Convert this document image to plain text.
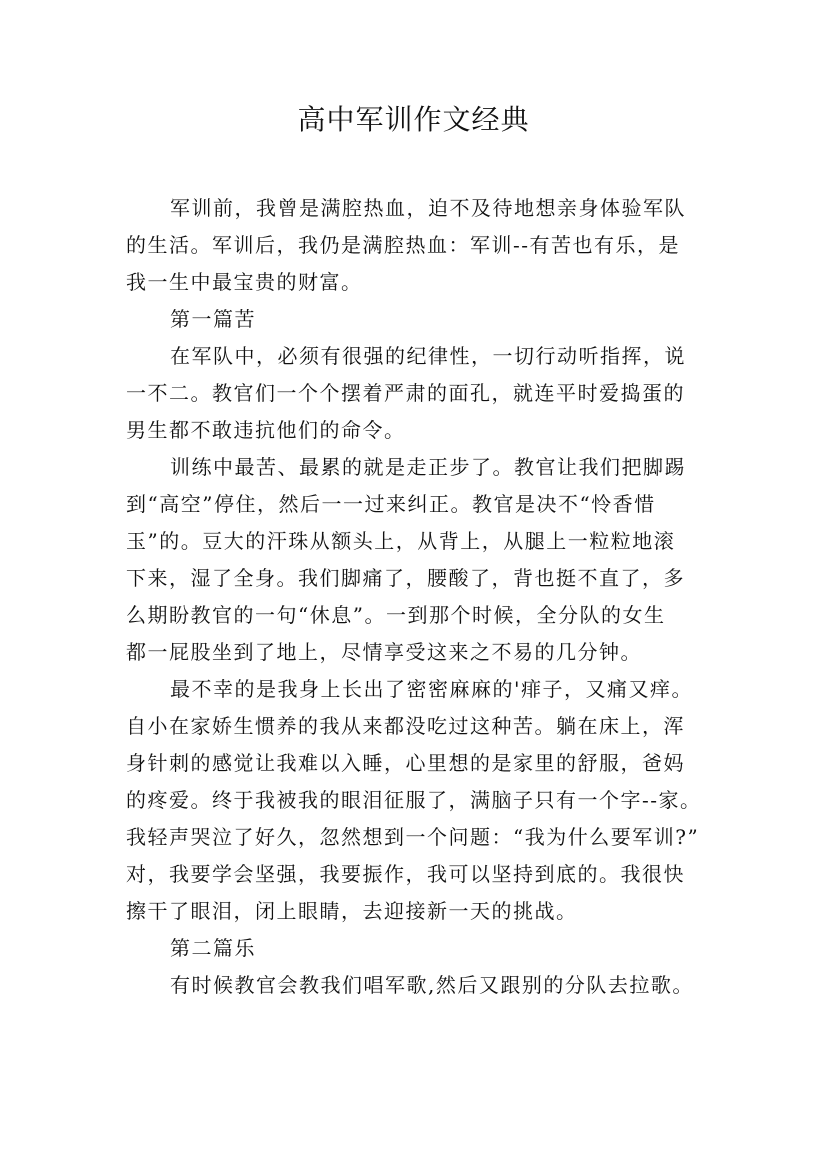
高中军训作文经典
军训前，我曾是满腔热血，迫不及待地想亲身体验军队
的生活。军训后，我仍是满腔热血：军训--有苦也有乐，是
我一生中最宝贵的财富。
第一篇苦
在军队中，必须有很强的纪律性，一切行动听指挥，说
一不二。教官们一个个摆着严肃的面孔，就连平时爱捣蛋的
男生都不敢违抗他们的命令。
训练中最苦、最累的就是走正步了。教官让我们把脚踢
到“高空”停住，然后一一过来纠正。教官是决不“怜香惜
玉”的。豆大的汗珠从额头上，从背上，从腿上一粒粒地滚
下来，湿了全身。我们脚痛了，腰酸了，背也挺不直了，多
么期盼教官的一句“休息”。一到那个时候，全分队的女生
都一屁股坐到了地上，尽情享受这来之不易的几分钟。
最不幸的是我身上长出了密密麻麻的'痱子，又痛又痒。
自小在家娇生惯养的我从来都没吃过这种苦。躺在床上，浑
身针刺的感觉让我难以入睡，心里想的是家里的舒服，爸妈
的疼爱。终于我被我的眼泪征服了，满脑子只有一个字--家。
我轻声哭泣了好久，忽然想到一个问题：“我为什么要军训?”
对，我要学会坚强，我要振作，我可以坚持到底的。我很快
擦干了眼泪，闭上眼睛，去迎接新一天的挑战。
第二篇乐
有时候教官会教我们唱军歌,然后又跟别的分队去拉歌。
